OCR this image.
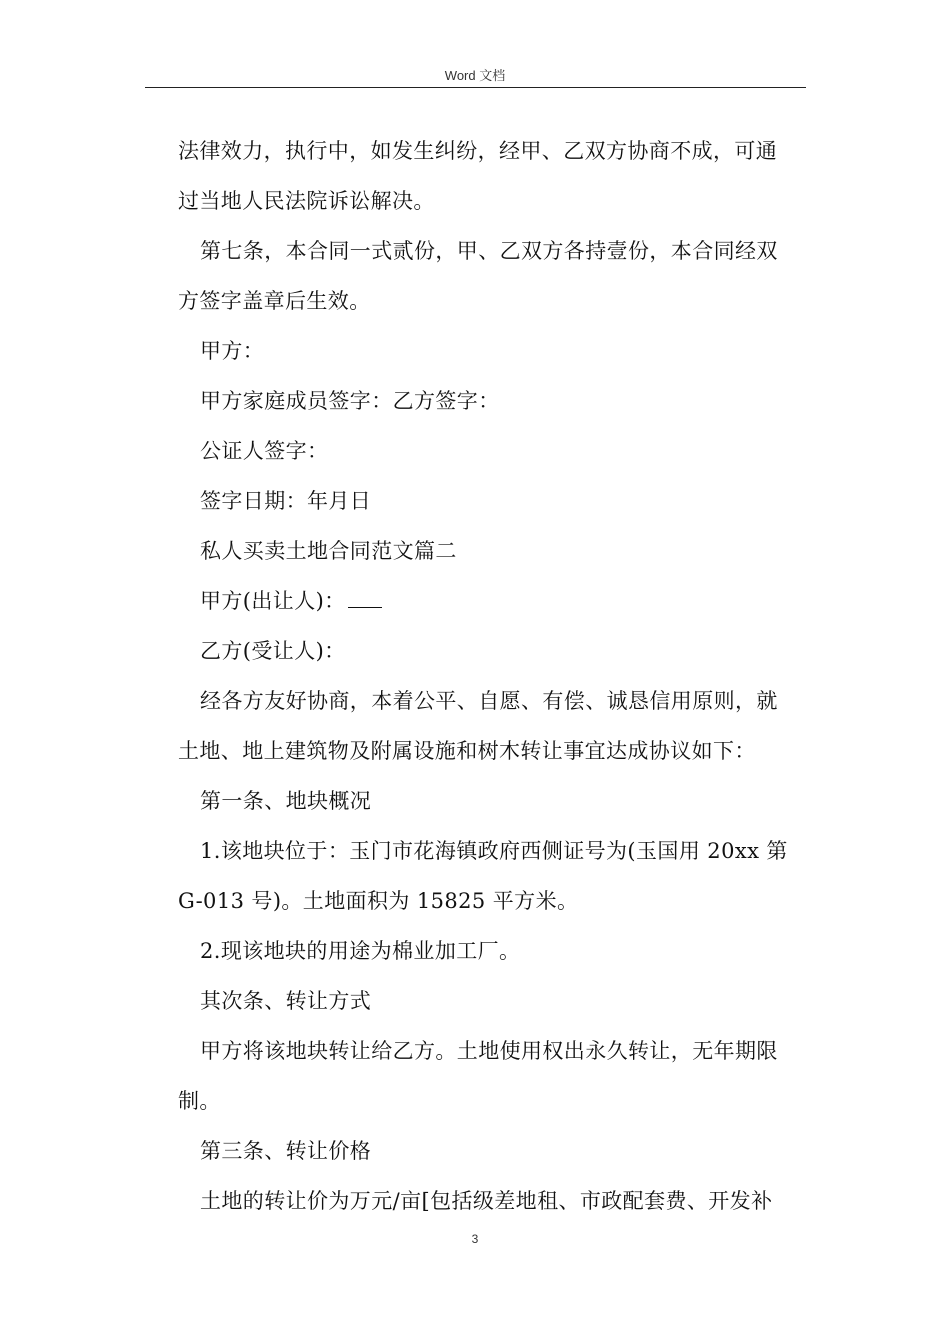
Word 文档

法律效力，执行中，如发生纠纷，经甲、乙双方协商不成，可通

过当地人民法院诉讼解决。

第七条，本合同一式贰份，甲、乙双方各持壹份，本合同经双

方签字盖章后生效。

甲方：

甲方家庭成员签字：乙方签字：

公证人签字：

签字日期：年月日

私人买卖土地合同范文篇二

甲方(出让人)：

乙方(受让人)：

经各方友好协商，本着公平、自愿、有偿、诚恳信用原则，就

土地、地上建筑物及附属设施和树木转让事宜达成协议如下：

第一条、地块概况

1.该地块位于：玉门市花海镇政府西侧证号为(玉国用 20xx 第

G-013 号)。土地面积为 15825 平方米。

2.现该地块的用途为棉业加工厂。

其次条、转让方式

甲方将该地块转让给乙方。土地使用权出永久转让，无年期限

制。

第三条、转让价格

土地的转让价为万元/亩[包括级差地租、市政配套费、开发补

3
